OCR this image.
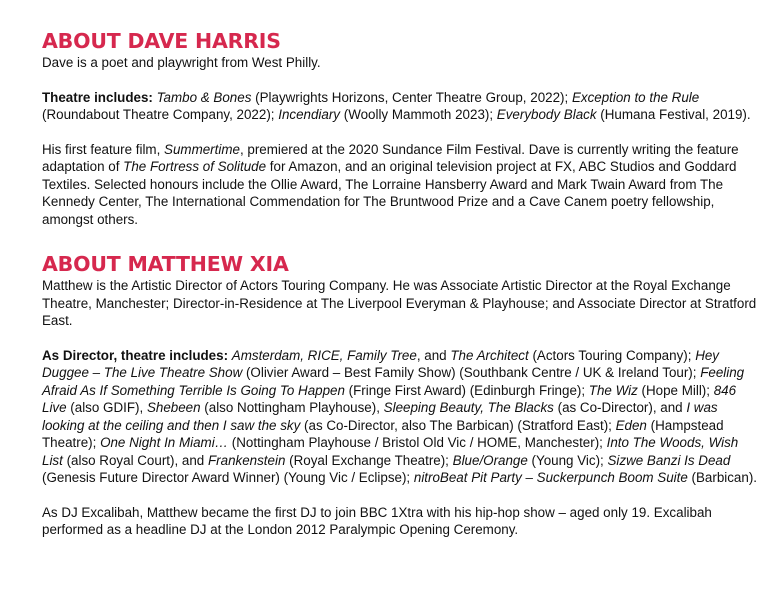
ABOUT DAVE HARRIS

Dave is a poet and playwright from West Philly.

Theatre includes: Tambo & Bones (Playwrights Horizons, Center Theatre Group, 2022); Exception to the Rule (Roundabout Theatre Company, 2022); Incendiary (Woolly Mammoth 2023); Everybody Black (Humana Festival, 2019).

His first feature film, Summertime, premiered at the 2020 Sundance Film Festival. Dave is currently writing the feature adaptation of The Fortress of Solitude for Amazon, and an original television project at FX, ABC Studios and Goddard Textiles. Selected honours include the Ollie Award, The Lorraine Hansberry Award and Mark Twain Award from The Kennedy Center, The International Commendation for The Bruntwood Prize and a Cave Canem poetry fellowship, amongst others.

ABOUT MATTHEW XIA

Matthew is the Artistic Director of Actors Touring Company. He was Associate Artistic Director at the Royal Exchange Theatre, Manchester; Director-in-Residence at The Liverpool Everyman & Playhouse; and Associate Director at Stratford East.

As Director, theatre includes: Amsterdam, RICE, Family Tree, and The Architect (Actors Touring Company); Hey Duggee – The Live Theatre Show (Olivier Award – Best Family Show) (Southbank Centre / UK & Ireland Tour); Feeling Afraid As If Something Terrible Is Going To Happen (Fringe First Award) (Edinburgh Fringe); The Wiz (Hope Mill); 846 Live (also GDIF), Shebeen (also Nottingham Playhouse), Sleeping Beauty, The Blacks (as Co-Director), and I was looking at the ceiling and then I saw the sky (as Co-Director, also The Barbican) (Stratford East); Eden (Hampstead Theatre); One Night In Miami… (Nottingham Playhouse / Bristol Old Vic / HOME, Manchester); Into The Woods, Wish List (also Royal Court), and Frankenstein (Royal Exchange Theatre); Blue/Orange (Young Vic); Sizwe Banzi Is Dead (Genesis Future Director Award Winner) (Young Vic / Eclipse); nitroBeat Pit Party – Suckerpunch Boom Suite (Barbican).

As DJ Excalibah, Matthew became the first DJ to join BBC 1Xtra with his hip-hop show – aged only 19. Excalibah performed as a headline DJ at the London 2012 Paralympic Opening Ceremony.
